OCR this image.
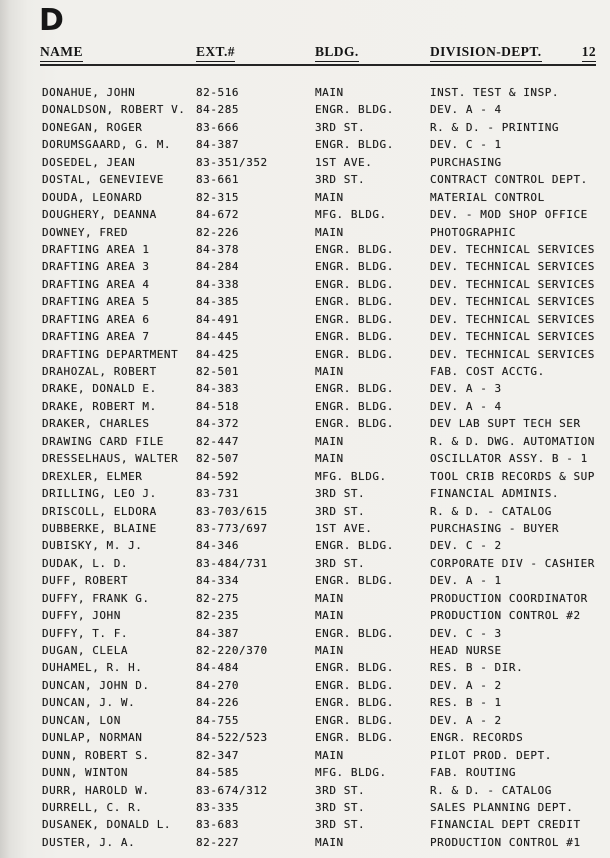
D
NAME	EXT.#	BLDG.	DIVISION-DEPT.	12
DONAHUE, JOHN	82-516	MAIN	INST. TEST & INSP.
DONALDSON, ROBERT V. 84-285	ENGR. BLDG.	DEV. A - 4
DONEGAN, ROGER	83-666	3RD ST.	R. & D. - PRINTING
DORUMSGAARD, G. M.	84-387	ENGR. BLDG.	DEV. C - 1
DOSEDEL, JEAN	83-351/352	1ST AVE.	PURCHASING
DOSTAL, GENEVIEVE	83-661	3RD ST.	CONTRACT CONTROL DEPT.
DOUDA, LEONARD	82-315	MAIN	MATERIAL CONTROL
DOUGHERY, DEANNA	84-672	MFG. BLDG.	DEV. - MOD SHOP OFFICE
DOWNEY, FRED	82-226	MAIN	PHOTOGRAPHIC
DRAFTING AREA 1	84-378	ENGR. BLDG.	DEV. TECHNICAL SERVICES
DRAFTING AREA 3	84-284	ENGR. BLDG.	DEV. TECHNICAL SERVICES
DRAFTING AREA 4	84-338	ENGR. BLDG.	DEV. TECHNICAL SERVICES
DRAFTING AREA 5	84-385	ENGR. BLDG.	DEV. TECHNICAL SERVICES
DRAFTING AREA 6	84-491	ENGR. BLDG.	DEV. TECHNICAL SERVICES
DRAFTING AREA 7	84-445	ENGR. BLDG.	DEV. TECHNICAL SERVICES
DRAFTING DEPARTMENT	84-425	ENGR. BLDG.	DEV. TECHNICAL SERVICES
DRAHOZAL, ROBERT	82-501	MAIN	FAB. COST ACCTG.
DRAKE, DONALD E.	84-383	ENGR. BLDG.	DEV. A - 3
DRAKE, ROBERT M.	84-518	ENGR. BLDG.	DEV. A - 4
DRAKER, CHARLES	84-372	ENGR. BLDG.	DEV LAB SUPT TECH SER
DRAWING CARD FILE	82-447	MAIN	R. & D. DWG. AUTOMATION
DRESSELHAUS, WALTER	82-507	MAIN	OSCILLATOR ASSY. B - 1
DREXLER, ELMER	84-592	MFG. BLDG.	TOOL CRIB RECORDS & SUP
DRILLING, LEO J.	83-731	3RD ST.	FINANCIAL ADMINIS.
DRISCOLL, ELDORA	83-703/615	3RD ST.	R. & D. - CATALOG
DUBBERKE, BLAINE	83-773/697	1ST AVE.	PURCHASING - BUYER
DUBISKY, M. J.	84-346	ENGR. BLDG.	DEV. C - 2
DUDAK, L. D.	83-484/731	3RD ST.	CORPORATE DIV - CASHIER
DUFF, ROBERT	84-334	ENGR. BLDG.	DEV. A - 1
DUFFY, FRANK G.	82-275	MAIN	PRODUCTION COORDINATOR
DUFFY, JOHN	82-235	MAIN	PRODUCTION CONTROL #2
DUFFY, T. F.	84-387	ENGR. BLDG.	DEV. C - 3
DUGAN, CLELA	82-220/370	MAIN	HEAD NURSE
DUHAMEL, R. H.	84-484	ENGR. BLDG.	RES. B - DIR.
DUNCAN, JOHN D.	84-270	ENGR. BLDG.	DEV. A - 2
DUNCAN, J. W.	84-226	ENGR. BLDG.	RES. B - 1
DUNCAN, LON	84-755	ENGR. BLDG.	DEV. A - 2
DUNLAP, NORMAN	84-522/523	ENGR. BLDG.	ENGR. RECORDS
DUNN, ROBERT S.	82-347	MAIN	PILOT PROD. DEPT.
DUNN, WINTON	84-585	MFG. BLDG.	FAB. ROUTING
DURR, HAROLD W.	83-674/312	3RD ST.	R. & D. - CATALOG
DURRELL, C. R.	83-335	3RD ST.	SALES PLANNING DEPT.
DUSANEK, DONALD L.	83-683	3RD ST.	FINANCIAL DEPT CREDIT
DUSTER, J. A.	82-227	MAIN	PRODUCTION CONTROL #1
